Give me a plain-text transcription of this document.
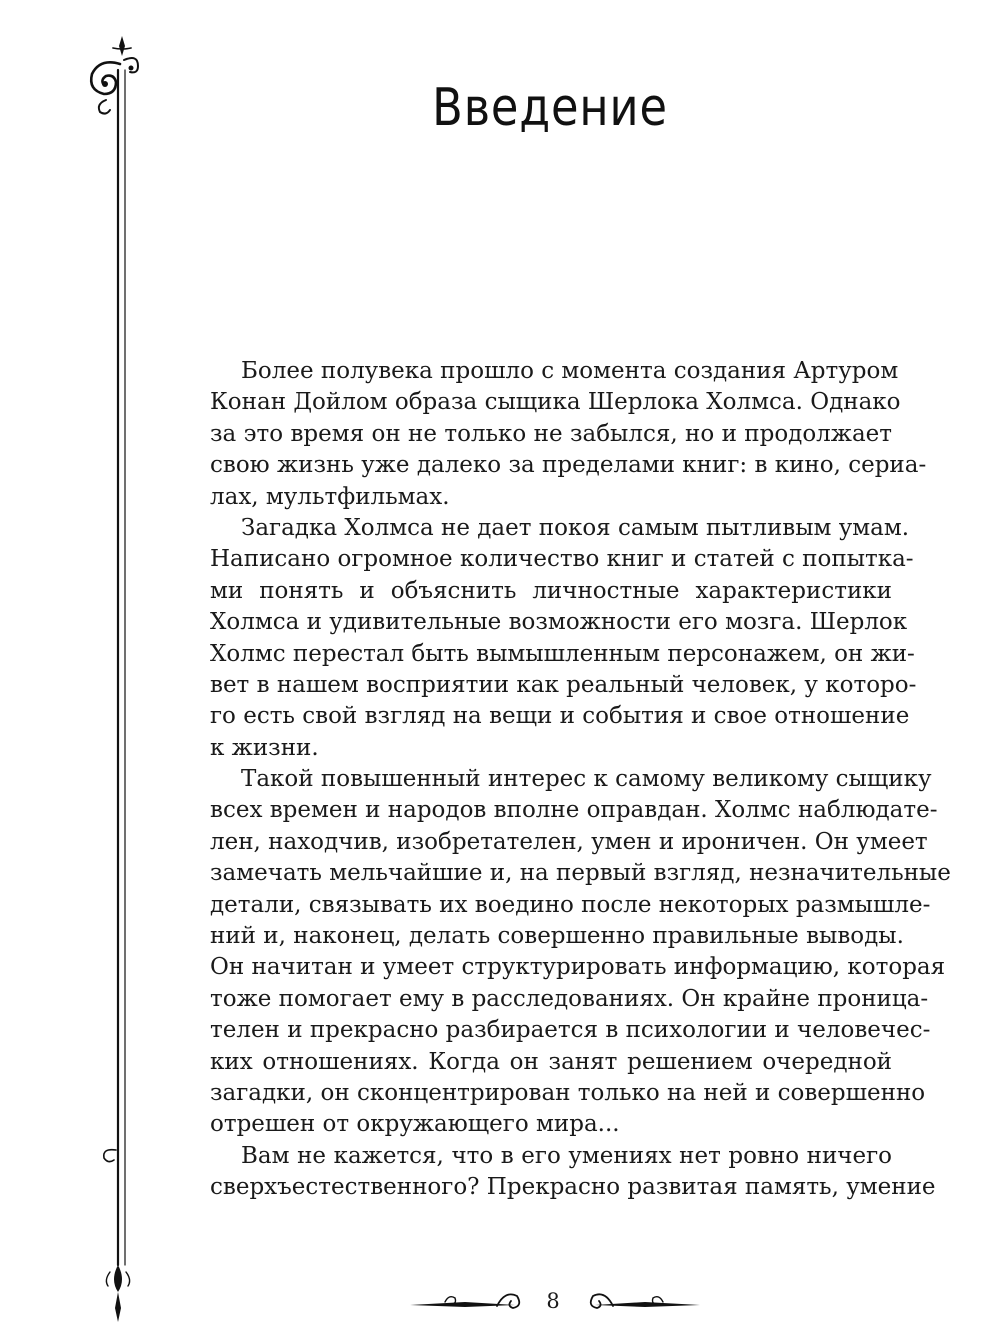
Введение
Более полувека прошло с момента создания Артуром
Конан Дойлом образа сыщика Шерлока Холмса. Однако
за это время он не только не забылся, но и продолжает
свою жизнь уже далеко за пределами книг: в кино, сериа-
лах, мультфильмах.
Загадка Холмса не дает покоя самым пытливым умам.
Написано огромное количество книг и статей с попытка-
ми понять и объяснить личностные характеристики
Холмса и удивительные возможности его мозга. Шерлок
Холмс перестал быть вымышленным персонажем, он жи-
вет в нашем восприятии как реальный человек, у которо-
го есть свой взгляд на вещи и события и свое отношение
к жизни.
Такой повышенный интерес к самому великому сыщику
всех времен и народов вполне оправдан. Холмс наблюдате-
лен, находчив, изобретателен, умен и ироничен. Он умеет
замечать мельчайшие и, на первый взгляд, незначительные
детали, связывать их воедино после некоторых размышле-
ний и, наконец, делать совершенно правильные выводы.
Он начитан и умеет структурировать информацию, которая
тоже помогает ему в расследованиях. Он крайне проница-
телен и прекрасно разбирается в психологии и человечес-
ких отношениях. Когда он занят решением очередной
загадки, он сконцентрирован только на ней и совершенно
отрешен от окружающего мира...
Вам не кажется, что в его умениях нет ровно ничего
сверхъестественного? Прекрасно развитая память, умение
8
